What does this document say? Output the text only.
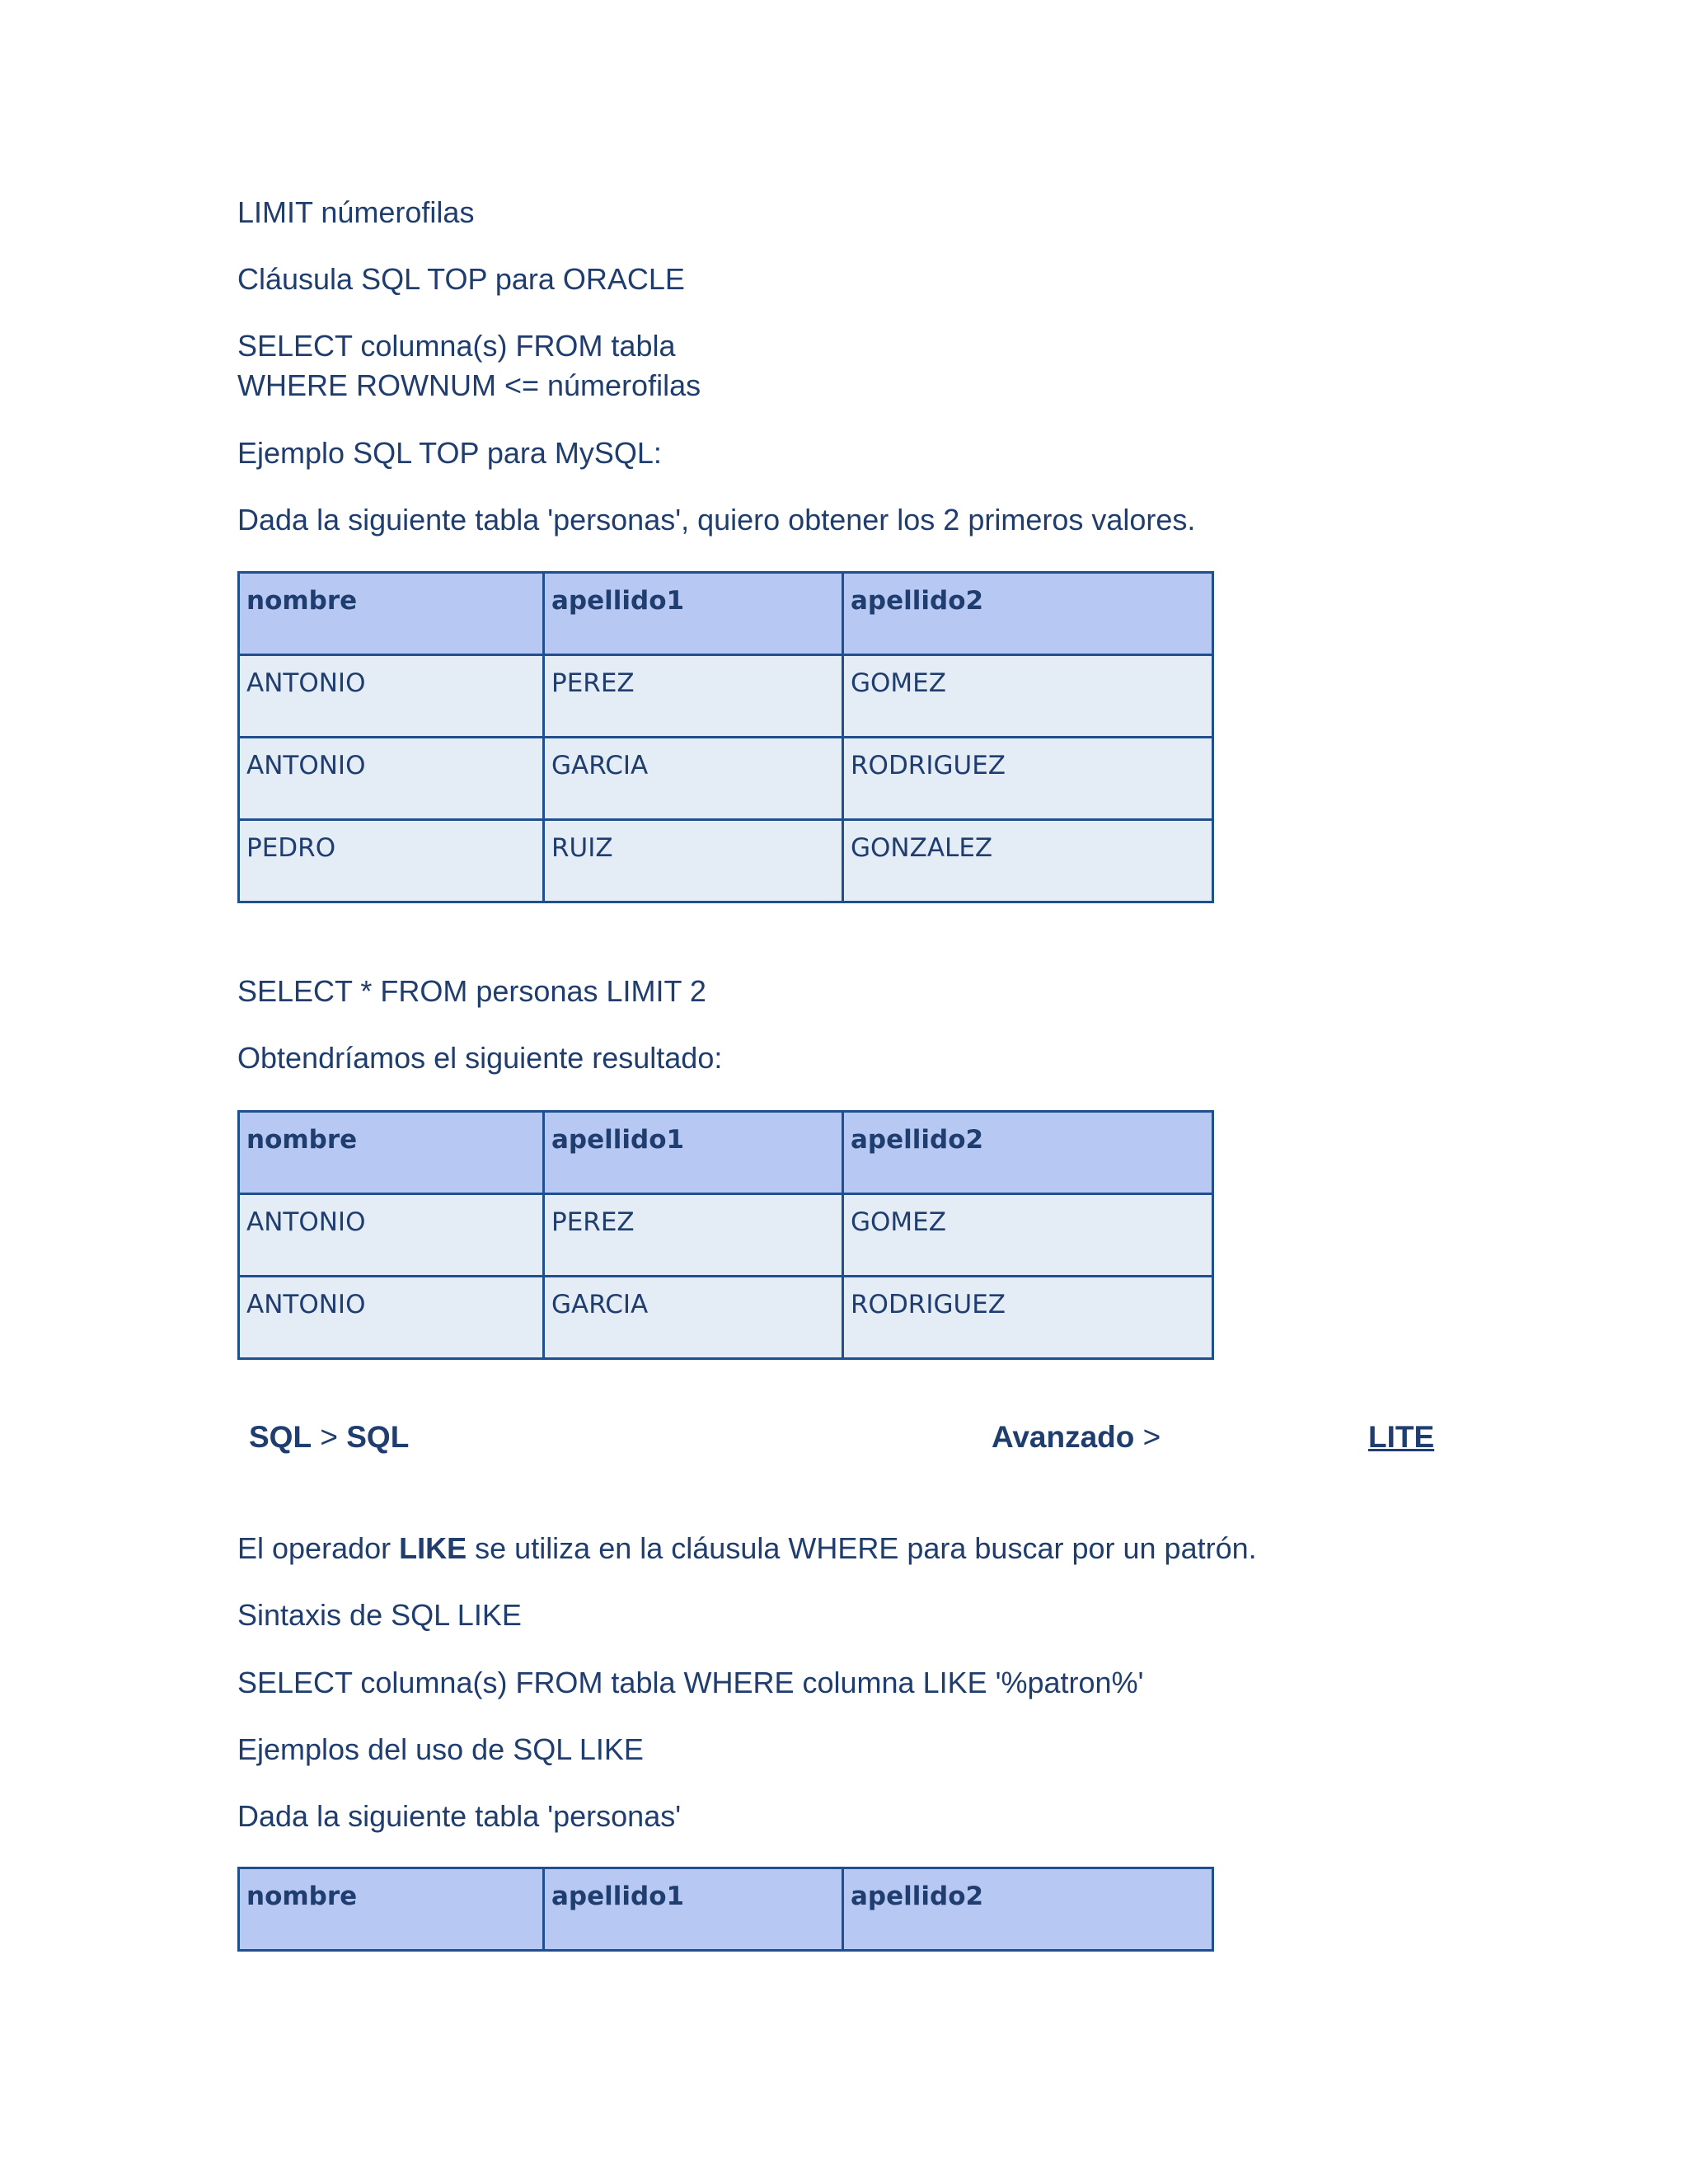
LIMIT númerofilas

Cláusula SQL TOP para ORACLE

SELECT columna(s) FROM tabla

WHERE ROWNUM <= númerofilas

Ejemplo SQL TOP para MySQL:

Dada la siguiente tabla 'personas', quiero obtener los 2 primeros valores.

nombre	apellido1	apellido2
ANTONIO	PEREZ	GOMEZ
ANTONIO	GARCIA	RODRIGUEZ
PEDRO	RUIZ	GONZALEZ

SELECT * FROM personas LIMIT 2

Obtendríamos el siguiente resultado:

nombre	apellido1	apellido2
ANTONIO	PEREZ	GOMEZ
ANTONIO	GARCIA	RODRIGUEZ
SQL > SQL	Avanzado >	LITE

El operador LIKE se utiliza en la cláusula WHERE para buscar por un patrón.

Sintaxis de SQL LIKE

SELECT columna(s) FROM tabla WHERE columna LIKE '%patron%'

Ejemplos del uso de SQL LIKE

Dada la siguiente tabla 'personas'

nombre	apellido1	apellido2
